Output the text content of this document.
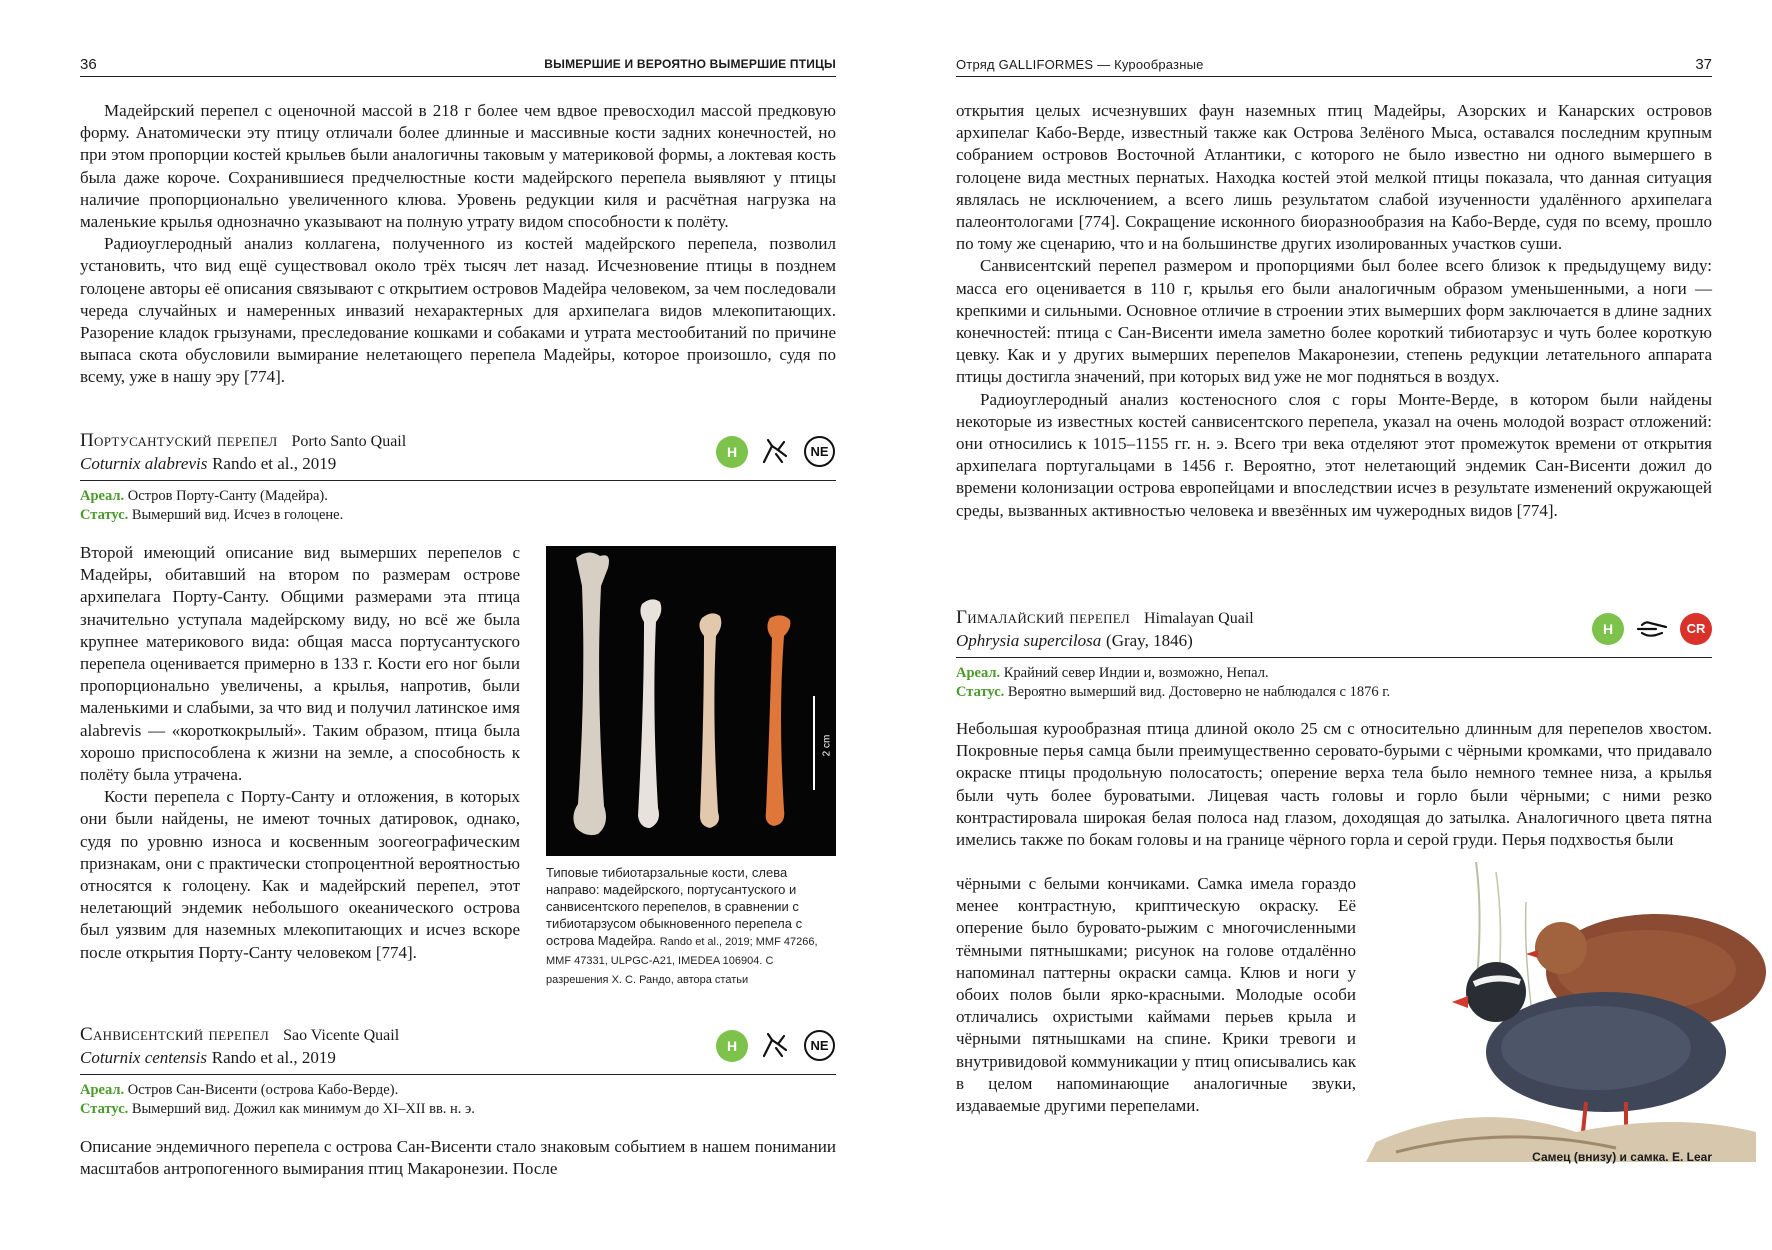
36	ВЫМЕРШИЕ И ВЕРОЯТНО ВЫМЕРШИЕ ПТИЦЫ

Мадейрский перепел с оценочной массой в 218 г более чем вдвое превосходил массой предковую форму. Анатомически эту птицу отличали более длинные и массивные кости задних конечностей, но при этом пропорции костей крыльев были аналогичны таковым у материковой формы, а локтевая кость была даже короче. Сохранившиеся предчелюстные кости мадейрского перепела выявляют у птицы наличие пропорционально увеличенного клюва. Уровень редукции киля и расчётная нагрузка на маленькие крылья однозначно указывают на полную утрату видом способности к полёту.

Радиоуглеродный анализ коллагена, полученного из костей мадейрского перепела, позволил установить, что вид ещё существовал около трёх тысяч лет назад. Исчезновение птицы в позднем голоцене авторы её описания связывают с открытием островов Мадейра человеком, за чем последовали череда случайных и намеренных инвазий нехарактерных для архипелага видов млекопитающих. Разорение кладок грызунами, преследование кошками и собаками и утрата местообитаний по причине выпаса скота обусловили вымирание нелетающего перепела Мадейры, которое произошло, судя по всему, уже в нашу эру [774].

Портусантуский перепел Porto Santo Quail
Coturnix alabrevis Rando et al., 2019
H	NE
Ареал. Остров Порту-Санту (Мадейра).
Статус. Вымерший вид. Исчез в голоцене.

Второй имеющий описание вид вымерших перепелов с Мадейры, обитавший на втором по размерам острове архипелага Порту-Санту. Общими размерами эта птица значительно уступала мадейрскому виду, но всё же была крупнее материкового вида: общая масса портусантуского перепела оценивается примерно в 133 г. Кости его ног были пропорционально увеличены, а крылья, напротив, были маленькими и слабыми, за что вид и получил латинское имя alabrevis — «короткокрылый». Таким образом, птица была хорошо приспособлена к жизни на земле, а способность к полёту была утрачена.

Кости перепела с Порту-Санту и отложения, в которых они были найдены, не имеют точных датировок, однако, судя по уровню износа и косвенным зоогеографическим признакам, они с практически стопроцентной вероятностью относятся к голоцену. Как и мадейрский перепел, этот нелетающий эндемик небольшого океанического острова был уязвим для наземных млекопитающих и исчез вскоре после открытия Порту-Санту человеком [774].

2 cm
Типовые тибиотарзальные кости, слева направо: мадейрского, портусантуского и санвисентского перепелов, в сравнении с тибиотарзусом обыкновенного перепела с острова Мадейра. Rando et al., 2019; MMF 47266, MMF 47331, ULPGC-A21, IMEDEA 106904. С разрешения Х. С. Рандо, автора статьи
Санвисентский перепел Sao Vicente Quail
Coturnix centensis Rando et al., 2019
H	NE
Ареал. Остров Сан-Висенти (острова Кабо-Верде).
Статус. Вымерший вид. Дожил как минимум до XI–XII вв. н. э.

Описание эндемичного перепела с острова Сан-Висенти стало знаковым событием в нашем понимании масштабов антропогенного вымирания птиц Макаронезии. После

Отряд GALLIFORMES — Курообразные	37

открытия целых исчезнувших фаун наземных птиц Мадейры, Азорских и Канарских островов архипелаг Кабо-Верде, известный также как Острова Зелёного Мыса, оставался последним крупным собранием островов Восточной Атлантики, с которого не было известно ни одного вымершего в голоцене вида местных пернатых. Находка костей этой мелкой птицы показала, что данная ситуация являлась не исключением, а всего лишь результатом слабой изученности удалённого архипелага палеонтологами [774]. Сокращение исконного биоразнообразия на Кабо-Верде, судя по всему, прошло по тому же сценарию, что и на большинстве других изолированных участков суши.

Санвисентский перепел размером и пропорциями был более всего близок к предыдущему виду: масса его оценивается в 110 г, крылья его были аналогичным образом уменьшенными, а ноги — крепкими и сильными. Основное отличие в строении этих вымерших форм заключается в длине задних конечностей: птица с Сан-Висенти имела заметно более короткий тибиотарзус и чуть более короткую цевку. Как и у других вымерших перепелов Макаронезии, степень редукции летательного аппарата птицы достигла значений, при которых вид уже не мог подняться в воздух.

Радиоуглеродный анализ костеносного слоя с горы Монте-Верде, в котором были найдены некоторые из известных костей санвисентского перепела, указал на очень молодой возраст отложений: они относились к 1015–1155 гг. н. э. Всего три века отделяют этот промежуток времени от открытия архипелага португальцами в 1456 г. Вероятно, этот нелетающий эндемик Сан-Висенти дожил до времени колонизации острова европейцами и впоследствии исчез в результате изменений окружающей среды, вызванных активностью человека и ввезённых им чужеродных видов [774].

Гималайский перепел Himalayan Quail
Ophrysia supercilosa (Gray, 1846)
H	CR
Ареал. Крайний север Индии и, возможно, Непал.
Статус. Вероятно вымерший вид. Достоверно не наблюдался с 1876 г.

Небольшая курообразная птица длиной около 25 см с относительно длинным для перепелов хвостом. Покровные перья самца были преимущественно серовато-бурыми с чёрными кромками, что придавало окраске птицы продольную полосатость; оперение верха тела было немного темнее низа, а крылья были чуть более буроватыми. Лицевая часть головы и горло были чёрными; с ними резко контрастировала широкая белая полоса над глазом, доходящая до затылка. Аналогичного цвета пятна имелись также по бокам головы и на границе чёрного горла и серой груди. Перья подхвостья были

чёрными с белыми кончиками. Самка имела гораздо менее контрастную, криптическую окраску. Её оперение было буровато-рыжим с многочисленными тёмными пятнышками; рисунок на голове отдалённо напоминал паттерны окраски самца. Клюв и ноги у обоих полов были ярко-красными. Молодые особи отличались охристыми каймами перьев крыла и чёрными пятнышками на спине. Крики тревоги и внутривидовой коммуникации у птиц описывались как в целом напоминающие аналогичные звуки, издаваемые другими перепелами.

Самец (внизу) и самка. E. Lear
